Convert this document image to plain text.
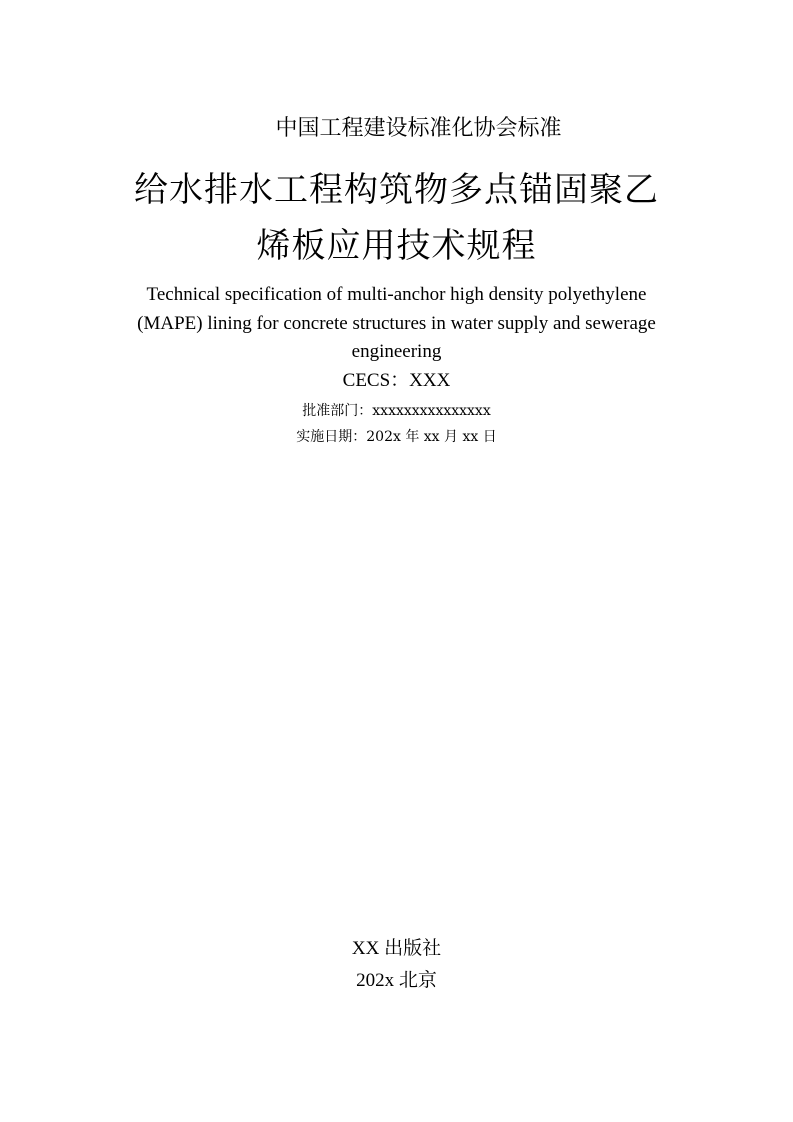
中国工程建设标准化协会标准
给水排水工程构筑物多点锚固聚乙
烯板应用技术规程
Technical specification of multi-anchor high density polyethylene
(MAPE) lining for concrete structures in water supply and sewerage
engineering
CECS：XXX
批准部门：xxxxxxxxxxxxxxx
实施日期：202x 年 xx 月 xx 日
XX 出版社
202x 北京
